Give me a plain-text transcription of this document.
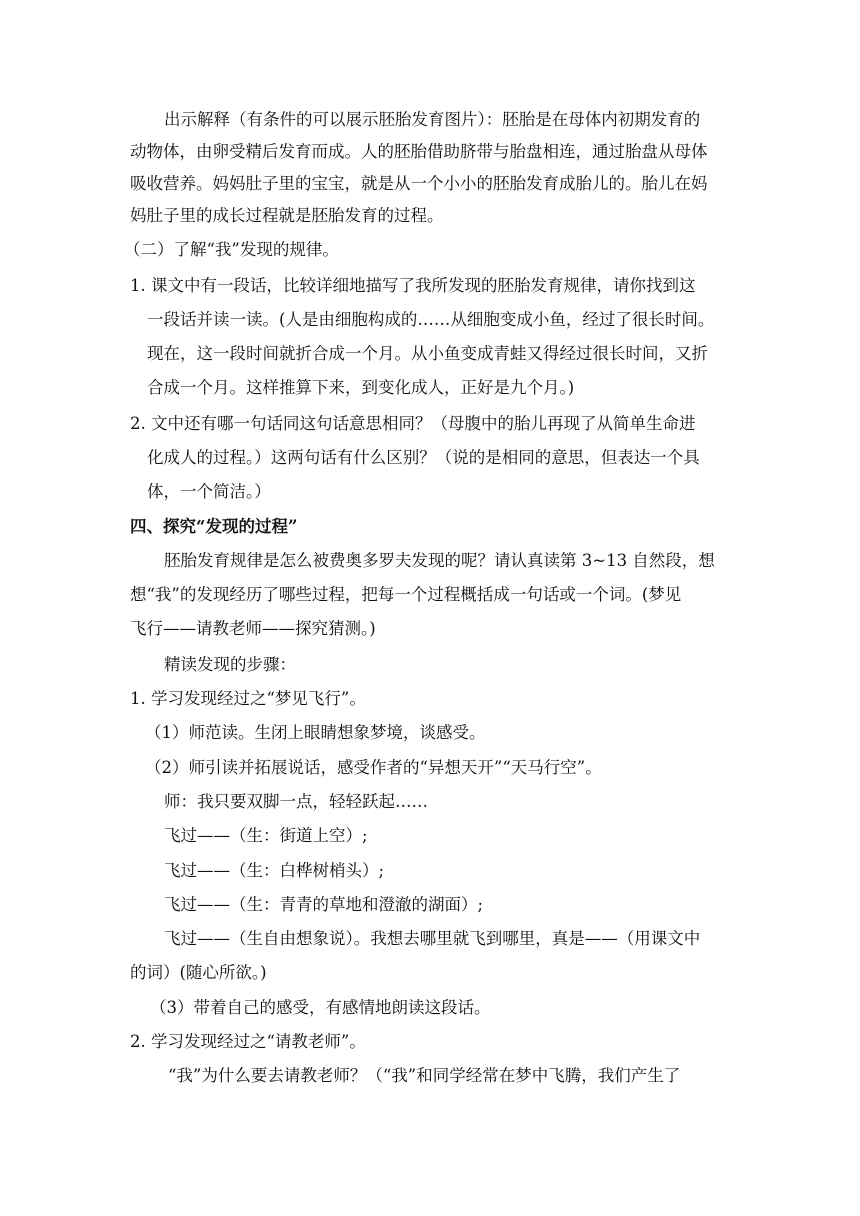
出示解释（有条件的可以展示胚胎发育图片）：胚胎是在母体内初期发育的
动物体，由卵受精后发育而成。人的胚胎借助脐带与胎盘相连，通过胎盘从母体
吸收营养。妈妈肚子里的宝宝，就是从一个小小的胚胎发育成胎儿的。胎儿在妈
妈肚子里的成长过程就是胚胎发育的过程。
（二）了解“我”发现的规律。
1. 课文中有一段话，比较详细地描写了我所发现的胚胎发育规律，请你找到这
一段话并读一读。(人是由细胞构成的……从细胞变成小鱼，经过了很长时间。
现在，这一段时间就折合成一个月。从小鱼变成青蛙又得经过很长时间，又折
合成一个月。这样推算下来，到变化成人，正好是九个月。)
2. 文中还有哪一句话同这句话意思相同？（母腹中的胎儿再现了从简单生命进
化成人的过程。）这两句话有什么区别？（说的是相同的意思，但表达一个具
体，一个简洁。）
四、探究“发现的过程”
胚胎发育规律是怎么被费奥多罗夫发现的呢？请认真读第 3~13 自然段，想
想“我”的发现经历了哪些过程，把每一个过程概括成一句话或一个词。(梦见
飞行——请教老师——探究猜测。)
精读发现的步骤：
1. 学习发现经过之“梦见飞行”。
（1）师范读。生闭上眼睛想象梦境，谈感受。
（2）师引读并拓展说话，感受作者的“异想天开”“天马行空”。
师：我只要双脚一点，轻轻跃起……
飞过——（生：街道上空）;
飞过——（生：白桦树梢头）;
飞过——（生：青青的草地和澄澈的湖面）;
飞过——（生自由想象说）。我想去哪里就飞到哪里，真是——（用课文中
的词）(随心所欲。)
（3）带着自己的感受，有感情地朗读这段话。
2. 学习发现经过之“请教老师”。
“我”为什么要去请教老师？（“我”和同学经常在梦中飞腾，我们产生了
